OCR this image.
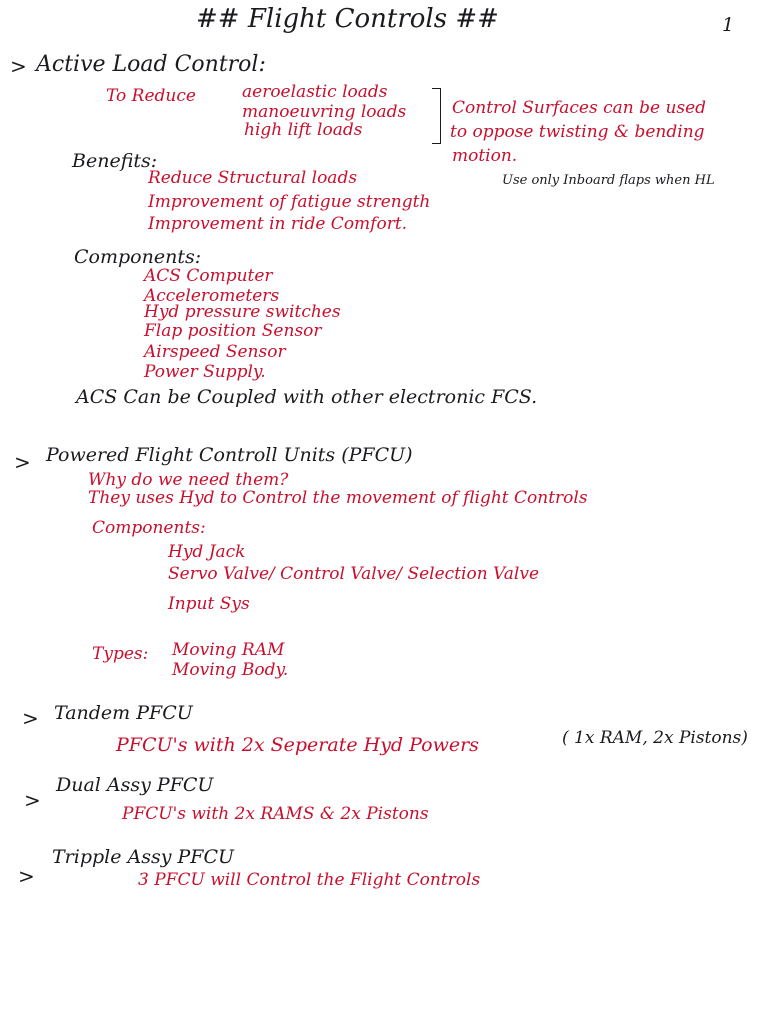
## Flight Controls ##	1
> Active Load Control:
To Reduce	aeroelastic loads
manoeuvring loads
high lift loads
Control Surfaces can be used
to oppose twisting & bending
motion.
Use only Inboard flaps when HL
Benefits:
Reduce Structural loads
Improvement of fatigue strength
Improvement in ride Comfort.
Components:
ACS Computer
Accelerometers
Hyd pressure switches
Flap position Sensor
Airspeed Sensor
Power Supply.
ACS Can be Coupled with other electronic FCS.
> Powered Flight Controll Units (PFCU)
Why do we need them?
They uses Hyd to Control the movement of flight Controls
Components:
Hyd Jack
Servo Valve/ Control Valve/ Selection Valve
Input Sys
Types: Moving RAM
Moving Body.
> Tandem PFCU
PFCU's with 2x Seperate Hyd Powers	( 1x RAM, 2x Pistons)
>
Dual Assy PFCU
PFCU's with 2x RAMS & 2x Pistons
>
Tripple Assy PFCU
3 PFCU will Control the Flight Controls
